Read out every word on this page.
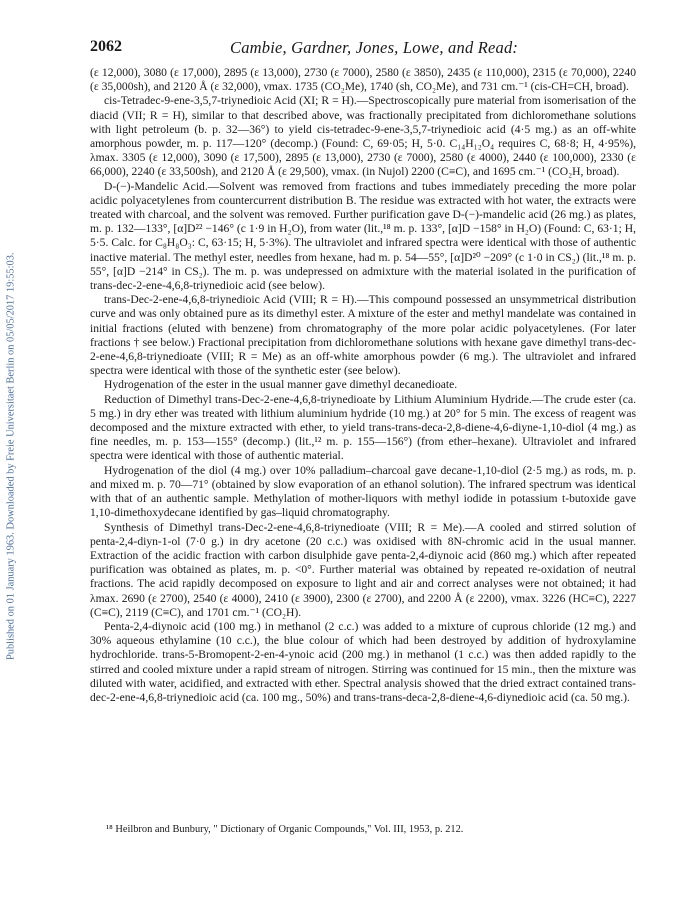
Published on 01 January 1963. Downloaded by Freie Universitaet Berlin on 05/05/2017 19:55:03.
2062	Cambie, Gardner, Jones, Lowe, and Read:

(ε 12,000), 3080 (ε 17,000), 2895 (ε 13,000), 2730 (ε 7000), 2580 (ε 3850), 2435 (ε 110,000), 2315 (ε 70,000), 2240 (ε 35,000sh), and 2120 Å (ε 32,000), νmax. 1735 (CO₂Me), 1740 (sh, CO₂Me), and 731 cm.⁻¹ (cis-CH=CH, broad).

cis-Tetradec-9-ene-3,5,7-triynedioic Acid (XI; R = H).—Spectroscopically pure material from isomerisation of the diacid (VII; R = H), similar to that described above, was fractionally precipitated from dichloromethane solutions with light petroleum (b. p. 32—36°) to yield cis-tetradec-9-ene-3,5,7-triynedioic acid (4·5 mg.) as an off-white amorphous powder, m. p. 117—120° (decomp.) (Found: C, 69·05; H, 5·0. C₁₄H₁₂O₄ requires C, 68·8; H, 4·95%), λmax. 3305 (ε 12,000), 3090 (ε 17,500), 2895 (ε 13,000), 2730 (ε 7000), 2580 (ε 4000), 2440 (ε 100,000), 2330 (ε 66,000), 2240 (ε 33,500sh), and 2120 Å (ε 29,500), νmax. (in Nujol) 2200 (C≡C), and 1695 cm.⁻¹ (CO₂H, broad).

D-(−)-Mandelic Acid.—Solvent was removed from fractions and tubes immediately preceding the more polar acidic polyacetylenes from countercurrent distribution B. The residue was extracted with hot water, the extracts were treated with charcoal, and the solvent was removed. Further purification gave D-(−)-mandelic acid (26 mg.) as plates, m. p. 132—133°, [α]D²² −146° (c 1·9 in H₂O), from water (lit.,¹⁸ m. p. 133°, [α]D −158° in H₂O) (Found: C, 63·1; H, 5·5. Calc. for C₈H₈O₃: C, 63·15; H, 5·3%). The ultraviolet and infrared spectra were identical with those of authentic inactive material. The methyl ester, needles from hexane, had m. p. 54—55°, [α]D²⁰ −209° (c 1·0 in CS₂) (lit.,¹⁸ m. p. 55°, [α]D −214° in CS₂). The m. p. was undepressed on admixture with the material isolated in the purification of trans-dec-2-ene-4,6,8-triynedioic acid (see below).

trans-Dec-2-ene-4,6,8-triynedioic Acid (VIII; R = H).—This compound possessed an unsymmetrical distribution curve and was only obtained pure as its dimethyl ester. A mixture of the ester and methyl mandelate was contained in initial fractions (eluted with benzene) from chromatography of the more polar acidic polyacetylenes. (For later fractions † see below.) Fractional precipitation from dichloromethane solutions with hexane gave dimethyl trans-dec-2-ene-4,6,8-triynedioate (VIII; R = Me) as an off-white amorphous powder (6 mg.). The ultraviolet and infrared spectra were identical with those of the synthetic ester (see below).

Hydrogenation of the ester in the usual manner gave dimethyl decanedioate.

Reduction of Dimethyl trans-Dec-2-ene-4,6,8-triynedioate by Lithium Aluminium Hydride.—The crude ester (ca. 5 mg.) in dry ether was treated with lithium aluminium hydride (10 mg.) at 20° for 5 min. The excess of reagent was decomposed and the mixture extracted with ether, to yield trans-trans-deca-2,8-diene-4,6-diyne-1,10-diol (4 mg.) as fine needles, m. p. 153—155° (decomp.) (lit.,¹² m. p. 155—156°) (from ether–hexane). Ultraviolet and infrared spectra were identical with those of authentic material.

Hydrogenation of the diol (4 mg.) over 10% palladium–charcoal gave decane-1,10-diol (2·5 mg.) as rods, m. p. and mixed m. p. 70—71° (obtained by slow evaporation of an ethanol solution). The infrared spectrum was identical with that of an authentic sample. Methylation of mother-liquors with methyl iodide in potassium t-butoxide gave 1,10-dimethoxydecane identified by gas–liquid chromatography.

Synthesis of Dimethyl trans-Dec-2-ene-4,6,8-triynedioate (VIII; R = Me).—A cooled and stirred solution of penta-2,4-diyn-1-ol (7·0 g.) in dry acetone (20 c.c.) was oxidised with 8N-chromic acid in the usual manner. Extraction of the acidic fraction with carbon disulphide gave penta-2,4-diynoic acid (860 mg.) which after repeated purification was obtained as plates, m. p. <0°. Further material was obtained by repeated re-oxidation of neutral fractions. The acid rapidly decomposed on exposure to light and air and correct analyses were not obtained; it had λmax. 2690 (ε 2700), 2540 (ε 4000), 2410 (ε 3900), 2300 (ε 2700), and 2200 Å (ε 2200), νmax. 3226 (HC≡C), 2227 (C≡C), 2119 (C≡C), and 1701 cm.⁻¹ (CO₂H).

Penta-2,4-diynoic acid (100 mg.) in methanol (2 c.c.) was added to a mixture of cuprous chloride (12 mg.) and 30% aqueous ethylamine (10 c.c.), the blue colour of which had been destroyed by addition of hydroxylamine hydrochloride. trans-5-Bromopent-2-en-4-ynoic acid (200 mg.) in methanol (1 c.c.) was then added rapidly to the stirred and cooled mixture under a rapid stream of nitrogen. Stirring was continued for 15 min., then the mixture was diluted with water, acidified, and extracted with ether. Spectral analysis showed that the dried extract contained trans-dec-2-ene-4,6,8-triynedioic acid (ca. 100 mg., 50%) and trans-trans-deca-2,8-diene-4,6-diynedioic acid (ca. 50 mg.).

¹⁸ Heilbron and Bunbury, " Dictionary of Organic Compounds," Vol. III, 1953, p. 212.
